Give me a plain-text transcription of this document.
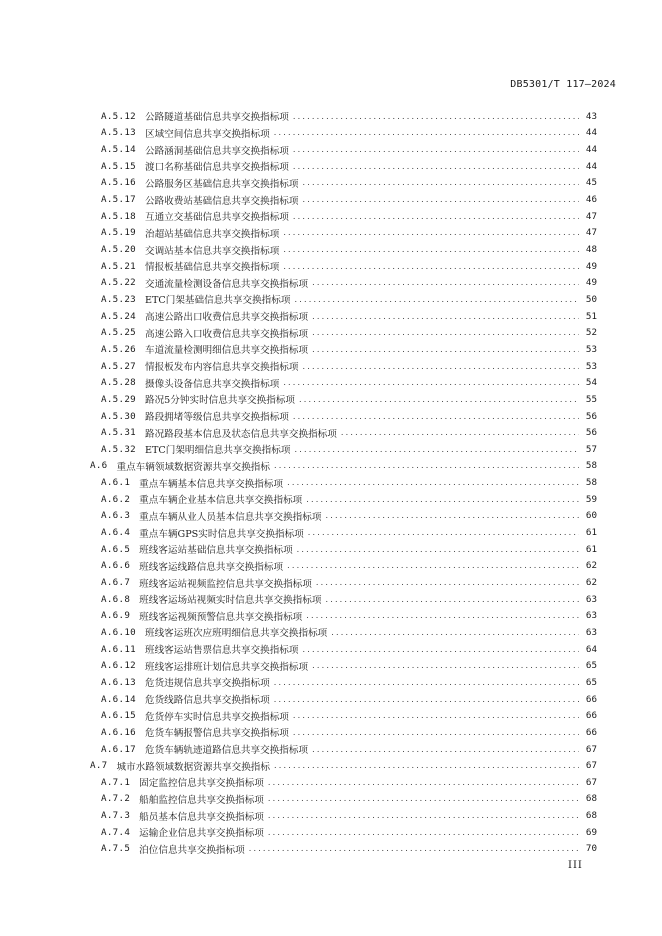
DB5301/T 117—2024
A.5.12 公路隧道基础信息共享交换指标项 .....	43
A.5.13 区域空间信息共享交换指标项 .....	44
A.5.14 公路涵洞基础信息共享交换指标项 .....	44
A.5.15 渡口名称基础信息共享交换指标项 .....	44
A.5.16 公路服务区基础信息共享交换指标项 .....	45
A.5.17 公路收费站基础信息共享交换指标项 .....	46
A.5.18 互通立交基础信息共享交换指标项 .....	47
A.5.19 治超站基础信息共享交换指标项 .....	47
A.5.20 交调站基本信息共享交换指标项 .....	48
A.5.21 情报板基础信息共享交换指标项 .....	49
A.5.22 交通流量检测设备信息共享交换指标项 .....	49
A.5.23 ETC门架基础信息共享交换指标项 .....	50
A.5.24 高速公路出口收费信息共享交换指标项 .....	51
A.5.25 高速公路入口收费信息共享交换指标项 .....	52
A.5.26 车道流量检测明细信息共享交换指标项 .....	53
A.5.27 情报板发布内容信息共享交换指标项 .....	53
A.5.28 摄像头设备信息共享交换指标项 .....	54
A.5.29 路况5分钟实时信息共享交换指标项 .....	55
A.5.30 路段拥堵等级信息共享交换指标项 .....	56
A.5.31 路况路段基本信息及状态信息共享交换指标项 .....	56
A.5.32 ETC门架明细信息共享交换指标项 .....	57
A.6 重点车辆领域数据资源共享交换指标 .....	58
A.6.1 重点车辆基本信息共享交换指标项 .....	58
A.6.2 重点车辆企业基本信息共享交换指标项 .....	59
A.6.3 重点车辆从业人员基本信息共享交换指标项 .....	60
A.6.4 重点车辆GPS实时信息共享交换指标项 .....	61
A.6.5 班线客运站基础信息共享交换指标项 .....	61
A.6.6 班线客运线路信息共享交换指标项 .....	62
A.6.7 班线客运站视频监控信息共享交换指标项 .....	62
A.6.8 班线客运场站视频实时信息共享交换指标项 .....	63
A.6.9 班线客运视频预警信息共享交换指标项 .....	63
A.6.10 班线客运班次应班明细信息共享交换指标项 .....	63
A.6.11 班线客运站售票信息共享交换指标项 .....	64
A.6.12 班线客运排班计划信息共享交换指标项 .....	65
A.6.13 危货违规信息共享交换指标项 .....	65
A.6.14 危货线路信息共享交换指标项 .....	66
A.6.15 危货停车实时信息共享交换指标项 .....	66
A.6.16 危货车辆报警信息共享交换指标项 .....	66
A.6.17 危货车辆轨迹道路信息共享交换指标项 .....	67
A.7 城市水路领域数据资源共享交换指标 .....	67
A.7.1 固定监控信息共享交换指标项 .....	67
A.7.2 船舶监控信息共享交换指标项 .....	68
A.7.3 船员基本信息共享交换指标项 .....	68
A.7.4 运输企业信息共享交换指标项 .....	69
A.7.5 泊位信息共享交换指标项 .....	70
III
